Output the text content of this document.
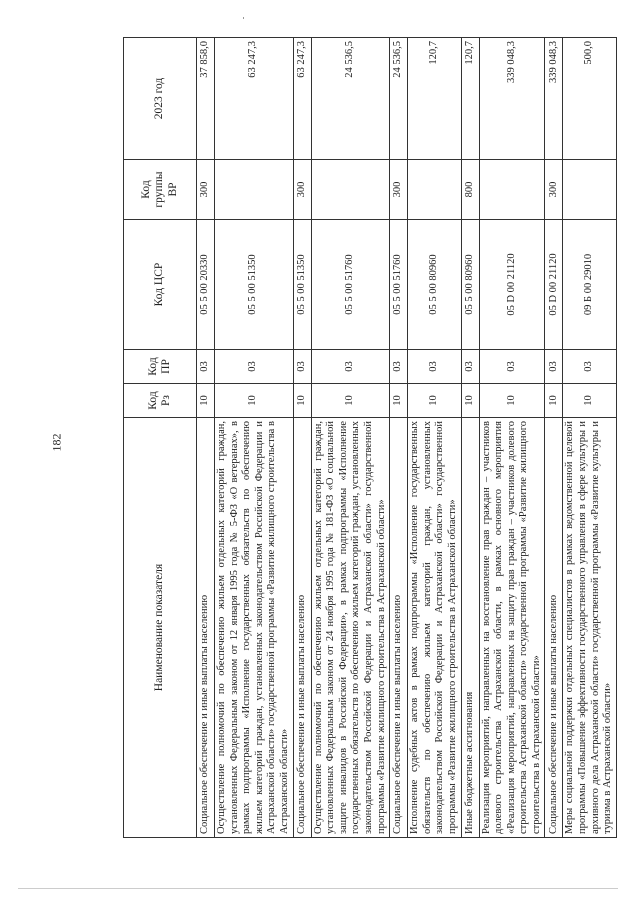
182
Наименование показателя	Код Рз	Код ПР	Код ЦСР	Код группы ВР	2023 год
Социальное обеспечение и иные выплаты населению	10	03	05 5 00 20330	300	37 858,0
Осуществление полномочий по обеспечению жильем отдельных категорий граждан, установленных Федеральным законом от 12 января 1995 года № 5-ФЗ «О ветеранах», в рамках подпрограммы «Исполнение государственных обязательств по обеспечению жильем категорий граждан, установленных законодательством Российской Федерации и Астраханской области» государственной программы «Развитие жилищного строительства в Астраханской области»	10	03	05 5 00 51350		63 247,3
Социальное обеспечение и иные выплаты населению	10	03	05 5 00 51350	300	63 247,3
Осуществление полномочий по обеспечению жильем отдельных категорий граждан, установленных Федеральным законом от 24 ноября 1995 года № 181-ФЗ «О социальной защите инвалидов в Российской Федерации», в рамках подпрограммы «Исполнение государственных обязательств по обеспечению жильем категорий граждан, установленных законодательством Российской Федерации и Астраханской области» государственной программы «Развитие жилищного строительства в Астраханской области»	10	03	05 5 00 51760		24 536,5
Социальное обеспечение и иные выплаты населению	10	03	05 5 00 51760	300	24 536,5
Исполнение судебных актов в рамках подпрограммы «Исполнение государственных обязательств по обеспечению жильем категорий граждан, установленных законодательством Российской Федерации и Астраханской области» государственной программы «Развитие жилищного строительства в Астраханской области»	10	03	05 5 00 80960		120,7
Иные бюджетные ассигнования	10	03	05 5 00 80960	800	120,7
Реализация мероприятий, направленных на восстановление прав граждан – участников долевого строительства Астраханской области, в рамках основного мероприятия «Реализация мероприятий, направленных на защиту прав граждан – участников долевого строительства Астраханской области» государственной программы «Развитие жилищного строительства в Астраханской области»	10	03	05 D 00 21120		339 048,3
Социальное обеспечение и иные выплаты населению	10	03	05 D 00 21120	300	339 048,3
Меры социальной поддержки отдельных специалистов в рамках ведомственной целевой программы «Повышение эффективности государственного управления в сфере культуры и архивного дела Астраханской области» государственной программы «Развитие культуры и туризма в Астраханской области»	10	03	09 Б 00 29010		500,0
